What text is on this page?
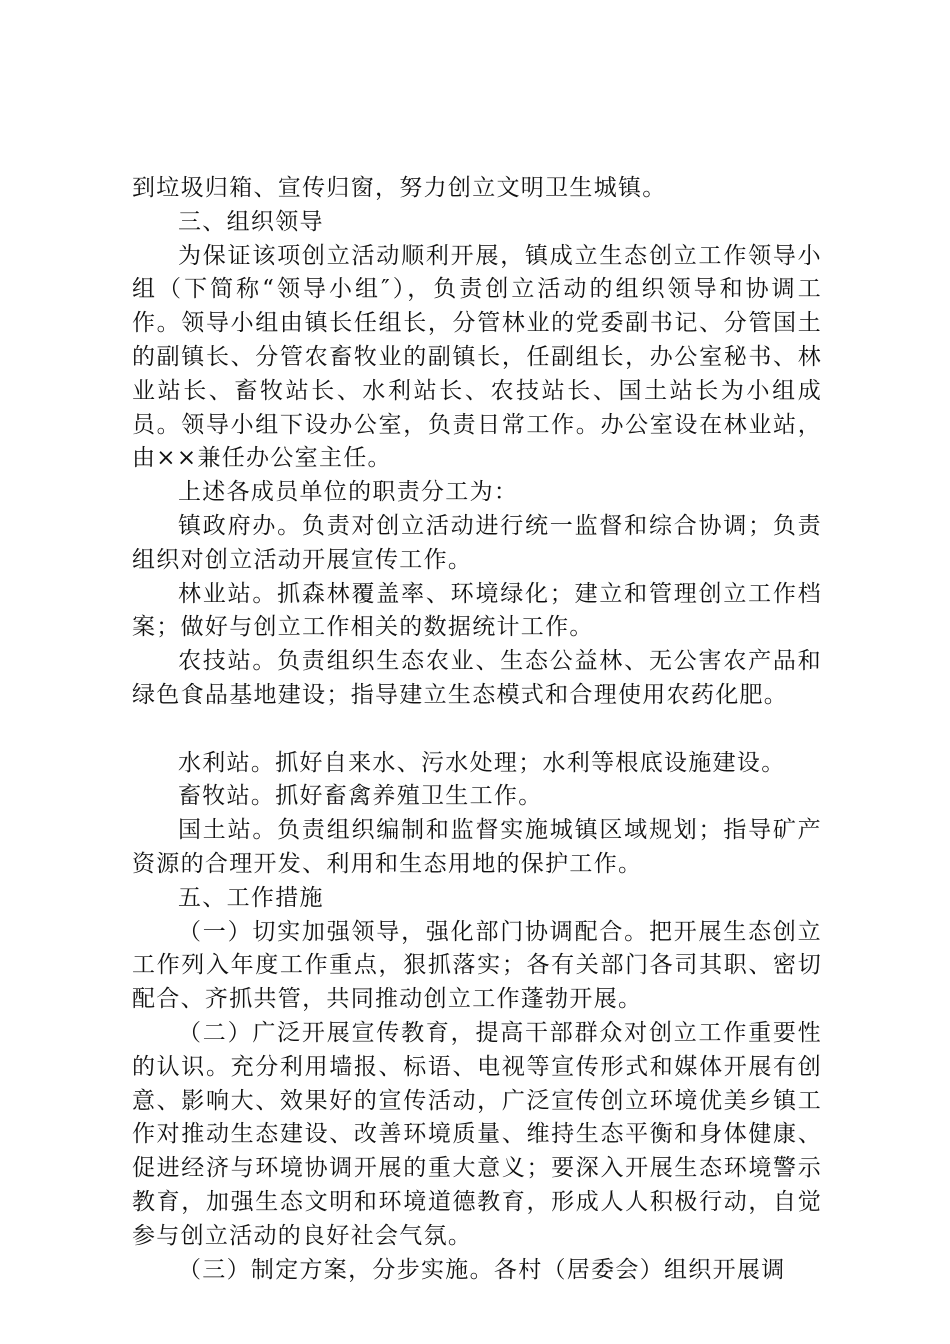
到垃圾归箱、宣传归窗，努力创立文明卫生城镇。

三、组织领导

为保证该项创立活动顺利开展，镇成立生态创立工作领导小组（下简称“领导小组″），负责创立活动的组织领导和协调工作。领导小组由镇长任组长，分管林业的党委副书记、分管国土的副镇长、分管农畜牧业的副镇长，任副组长，办公室秘书、林业站长、畜牧站长、水利站长、农技站长、国土站长为小组成员。领导小组下设办公室，负责日常工作。办公室设在林业站，由××兼任办公室主任。

上述各成员单位的职责分工为：

镇政府办。负责对创立活动进行统一监督和综合协调；负责组织对创立活动开展宣传工作。

林业站。抓森林覆盖率、环境绿化；建立和管理创立工作档案；做好与创立工作相关的数据统计工作。

农技站。负责组织生态农业、生态公益林、无公害农产品和绿色食品基地建设；指导建立生态模式和合理使用农药化肥。

水利站。抓好自来水、污水处理；水利等根底设施建设。

畜牧站。抓好畜禽养殖卫生工作。

国土站。负责组织编制和监督实施城镇区域规划；指导矿产资源的合理开发、利用和生态用地的保护工作。

五、工作措施

（一）切实加强领导，强化部门协调配合。把开展生态创立工作列入年度工作重点，狠抓落实；各有关部门各司其职、密切配合、齐抓共管，共同推动创立工作蓬勃开展。

（二）广泛开展宣传教育，提高干部群众对创立工作重要性的认识。充分利用墙报、标语、电视等宣传形式和媒体开展有创意、影响大、效果好的宣传活动，广泛宣传创立环境优美乡镇工作对推动生态建设、改善环境质量、维持生态平衡和身体健康、促进经济与环境协调开展的重大意义；要深入开展生态环境警示教育，加强生态文明和环境道德教育，形成人人积极行动，自觉参与创立活动的良好社会气氛。

（三）制定方案，分步实施。各村（居委会）组织开展调
